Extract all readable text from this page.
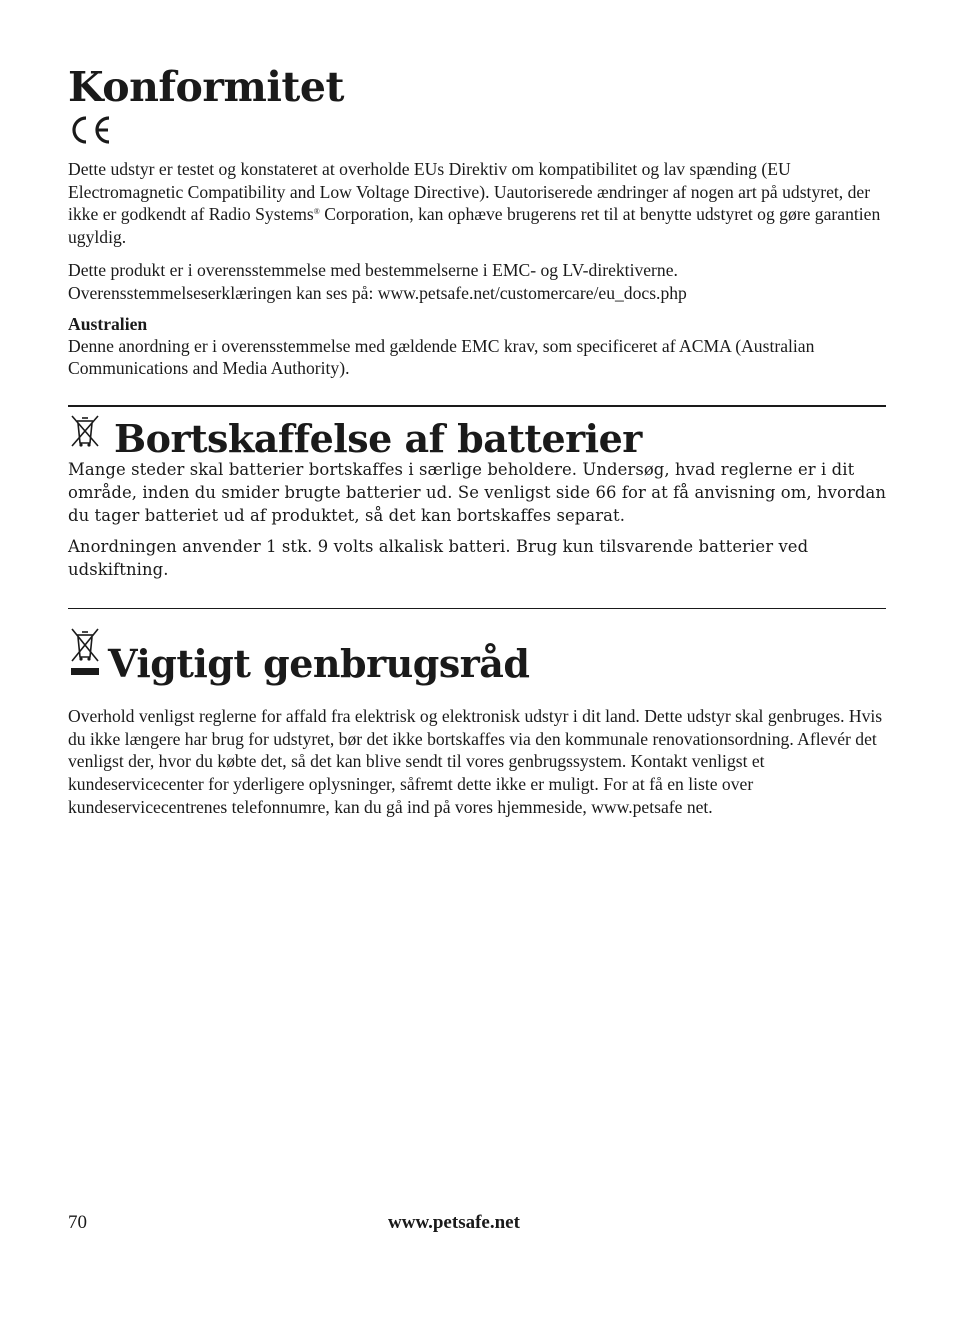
Konformitet

Dette udstyr er testet og konstateret at overholde EUs Direktiv om kompatibilitet og lav spænding (EU Electromagnetic Compatibility and Low Voltage Directive). Uautoriserede ændringer af nogen art på udstyret, der ikke er godkendt af Radio Systems® Corporation, kan ophæve brugerens ret til at benytte udstyret og gøre garantien ugyldig.

Dette produkt er i overensstemmelse med bestemmelserne i EMC- og LV-direktiverne. Overensstemmelseserklæringen kan ses på: www.petsafe.net/customercare/eu_docs.php

Australien

Denne anordning er i overensstemmelse med gældende EMC krav, som specificeret af ACMA (Australian Communications and Media Authority).

Bortskaffelse af batterier

Mange steder skal batterier bortskaffes i særlige beholdere. Undersøg, hvad reglerne er i dit område, inden du smider brugte batterier ud. Se venligst side 66 for at få anvisning om, hvordan du tager batteriet ud af produktet, så det kan bortskaffes separat.

Anordningen anvender 1 stk. 9 volts alkalisk batteri. Brug kun tilsvarende batterier ved udskiftning.

Vigtigt genbrugsråd

Overhold venligst reglerne for affald fra elektrisk og elektronisk udstyr i dit land. Dette udstyr skal genbruges. Hvis du ikke længere har brug for udstyret, bør det ikke bortskaffes via den kommunale renovationsordning. Aflevér det venligst der, hvor du købte det, så det kan blive sendt til vores genbrugssystem. Kontakt venligst et kundeservicecenter for yderligere oplysninger, såfremt dette ikke er muligt. For at få en liste over kundeservicecentrenes telefonnumre, kan du gå ind på vores hjemmeside, www.petsafe net.

70	www.petsafe.net
